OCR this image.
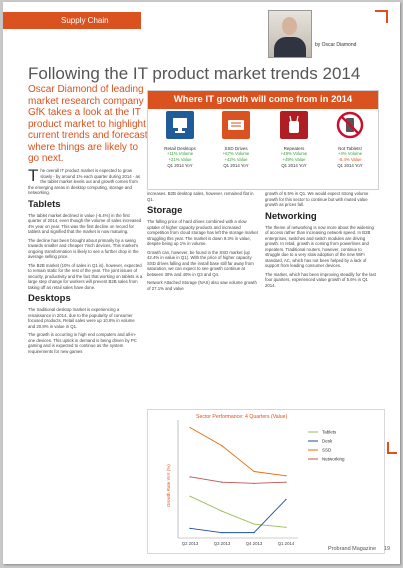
Supply Chain
by Oscar Diamond
Following the IT product market trends 2014
Oscar Diamond of leading market research company GfK takes a look at the IT product market to highlight current trends and forecast where things are likely to go next.
Where IT growth will come from in 2014
Retail Desktops
+11% Volume
+21% Value
Q1 2014 YoY
SSD Drives
+67% Volume
+42% Value
Q1 2014 YoY
Repeaters
+49% Volume
+49% Value
Q1 2014 YoY
Not Tablets!
+4% Volume
-5.4% Value
Q1 2014 YoY

The overall IT product market is expected to grow slowly - by around 1% each quarter during 2014 - as the tablet market levels out and growth comes from the emerging areas in desktop computing, storage and networking.

Tablets

The tablet market declined in value (-5.4%) in the first quarter of 2014, even though the volume of sales increased 4% year on year. This was the first decline on record for tablets and signified that the market is now maturing.

The decline has been brought about primarily by a swing towards smaller and cheaper 7inch devices. This market's ongoing transformation is likely to see a further drop in the average selling price.

The B2B market (10% of sales in Q1 is), however, expected to remain static for the rest of the year. The joint issues of security, productivity and the fact that working on tablets is a large step change for workers will prevent B2B sales from taking off as retail sales have done.

Desktops

The traditional desktop market is experiencing a renaissance in 2014, due to the popularity of consumer focused products. Retail sales were up 10.8% in volume and 20.8% in value in Q1.

The growth is occurring in high end computers and all-in-one devices. This uptick in demand is being driven by PC gaming and is expected to continue as the system requirements for new games

increases. B2B desktop sales, however, remained flat in Q1.

Storage

The falling price of hard drives combined with a slow uptake of higher capacity products and increased competition from cloud storage has left the storage market struggling this year. The market is down 9.3% in value, despite being up 1% in volume.

Growth can, however, be found in the SSD market (up 42.4% in value in Q1). With the price of higher capacity SSD drives falling and the install base still far away from saturation, we can expect to see growth continue at between 30% and 40% in Q3 and Q4.

Network Attached Storage (NAS) also saw volume growth of 27.1% and value

growth of 6.5% in Q1. We would expect strong volume growth for this sector to continue but with muted value growth as prices fall.

Networking

The theme of networking is now more about the widening of access rather than increasing network speed. In B2B enterprises, switches and switch modules are driving growth. In retail, growth is coming from powerlines and repeaters. Traditional routers, however, continue to struggle due to a very slow adoption of the new WiFi standard, AC, which has not been helped by a lack of support from leading consumer devices.

The market, which has been improving steadily for the last four quarters, experienced value growth of 5.6% in Q1 2014.

Sector Performance: 4 Quarters (Value)
Growth Rate YoY (%)
Q2 2013	Q3 2013	Q4 2013	Q1 2014
Tablets
Desk
SSD
Networking
Probrand Magazine 19
